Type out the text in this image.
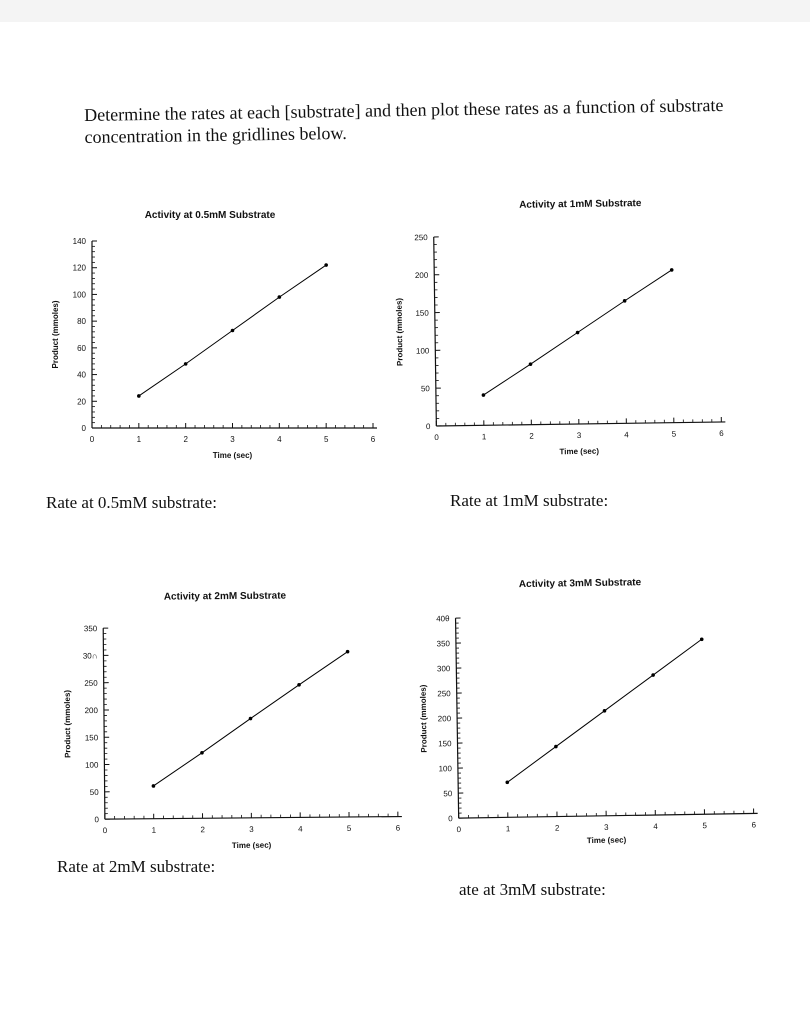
Determine the rates at each [substrate] and then plot these rates as a function of substrate concentration in the gridlines below.

Activity at 0.5mM Substrate
0
20
40
60
80
100
120
140
0	1	2	3	4	5	6
Time (sec)
Product (mmoles)
Activity at 1mM Substrate
0
50
100
150
200
250
0	1	2	3	4	5	6
Time (sec)
Product (mmoles)
Activity at 2mM Substrate
0
50
100
150
200
250
30∩
350
0	1	2	3	4	5	6
Time (sec)
Product (mmoles)
Activity at 3mM Substrate
0
50
100
150
200
250
300
350
40θ
0	1	2	3	4	5	6
Time (sec)
Product (mmoles)
Rate at 0.5mM substrate:	Rate at 1mM substrate:
Rate at 2mM substrate:
ate at 3mM substrate:
